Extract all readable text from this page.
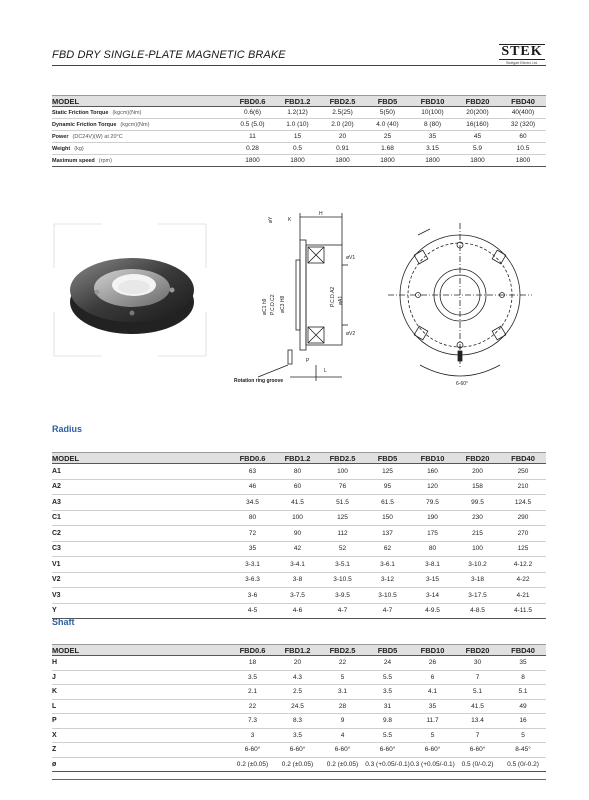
FBD DRY SINGLE-PLATE MAGNETIC BRAKE	STEK
Stuttgart Electro Ltd.
MODEL	FBD0.6	FBD1.2	FBD2.5	FBD5	FBD10	FBD20	FBD40
Static Friction Torque (kgcm)(Nm)	0.6(6)	1.2(12)	2.5(25)	5(50)	10(100)	20(200)	40(400)
Dynamic Friction Torque (kgcm)(Nm)	0.5 (5.0)	1.0 (10)	2.0 (20)	4.0 (40)	8 (80)	16(160)	32 (320)
Power (DC24V)(W) at 20°C	11	15	20	25	35	45	60
Weight (kg)	0.28	0.5	0.91	1.68	3.15	5.9	10.5
Maximum speed (rpm)	1800	1800	1800	1800	1800	1800	1800
H
K
L
P
øV1
øV2
øC1 h9 P.C.D.C2 øC3 H8	P.C.D.A2 øA1
øY
Rotation ring groove	6-60°
Radius
MODEL	FBD0.6	FBD1.2	FBD2.5	FBD5	FBD10	FBD20	FBD40
A1	63	80	100	125	160	200	250
A2	46	60	76	95	120	158	210
A3	34.5	41.5	51.5	61.5	79.5	99.5	124.5
C1	80	100	125	150	190	230	290
C2	72	90	112	137	175	215	270
C3	35	42	52	62	80	100	125
V1	3-3.1	3-4.1	3-5.1	3-6.1	3-8.1	3-10.2	4-12.2
V2	3-6.3	3-8	3-10.5	3-12	3-15	3-18	4-22
V3	3-6	3-7.5	3-9.5	3-10.5	3-14	3-17.5	4-21
Y	4-5	4-6	4-7	4-7	4-9.5	4-8.5	4-11.5
Shaft
MODEL	FBD0.6	FBD1.2	FBD2.5	FBD5	FBD10	FBD20	FBD40
H	18	20	22	24	26	30	35
J	3.5	4.3	5	5.5	6	7	8
K	2.1	2.5	3.1	3.5	4.1	5.1	5.1
L	22	24.5	28	31	35	41.5	49
P	7.3	8.3	9	9.8	11.7	13.4	16
X	3	3.5	4	5.5	5	7	5
Z	6-60°	6-60°	6-60°	6-60°	6-60°	6-60°	8-45°
ø	0.2 (±0.05)	0.2 (±0.05)	0.2 (±0.05)	0.3 (+0.05/-0.1)	0.3 (+0.05/-0.1)	0.5 (0/-0.2)	0.5 (0/-0.2)
